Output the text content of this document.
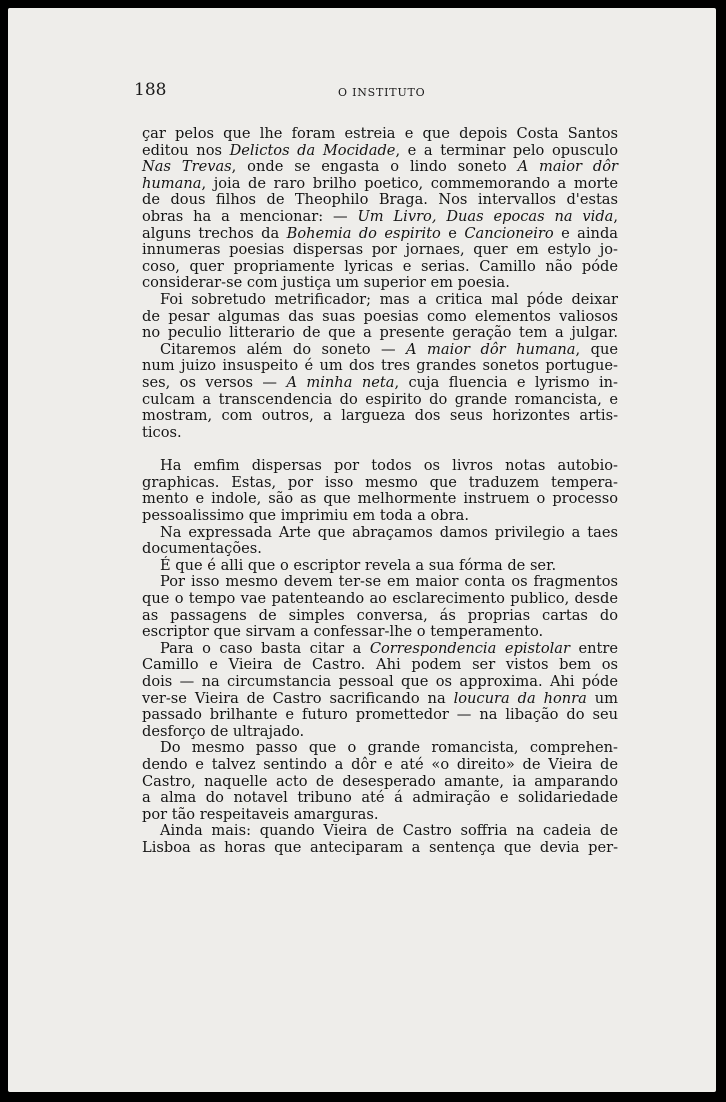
188	O INSTITUTO

çar pelos que lhe foram estreia e que depois Costa Santos
editou nos Delictos da Mocidade, e a terminar pelo opusculo
Nas Trevas, onde se engasta o lindo soneto A maior dôr
humana, joia de raro brilho poetico, commemorando a morte
de dous filhos de Theophilo Braga. Nos intervallos d'estas
obras ha a mencionar: — Um Livro, Duas epocas na vida,
alguns trechos da Bohemia do espirito e Cancioneiro e ainda
innumeras poesias dispersas por jornaes, quer em estylo jo-
coso, quer propriamente lyricas e serias. Camillo não póde
considerar-se com justiça um superior em poesia.

Foi sobretudo metrificador; mas a critica mal póde deixar
de pesar algumas das suas poesias como elementos valiosos
no peculio litterario de que a presente geração tem a julgar.

Citaremos além do soneto — A maior dôr humana, que
num juizo insuspeito é um dos tres grandes sonetos portugue-
ses, os versos — A minha neta, cuja fluencia e lyrismo in-
culcam a transcendencia do espirito do grande romancista, e
mostram, com outros, a largueza dos seus horizontes artis-
ticos.

Ha emfim dispersas por todos os livros notas autobio-
graphicas. Estas, por isso mesmo que traduzem tempera-
mento e indole, são as que melhormente instruem o processo
pessoalissimo que imprimiu em toda a obra.

Na expressada Arte que abraçamos damos privilegio a taes
documentações.

É que é alli que o escriptor revela a sua fórma de ser.

Por isso mesmo devem ter-se em maior conta os fragmentos
que o tempo vae patenteando ao esclarecimento publico, desde
as passagens de simples conversa, ás proprias cartas do
escriptor que sirvam a confessar-lhe o temperamento.

Para o caso basta citar a Correspondencia epistolar entre
Camillo e Vieira de Castro. Ahi podem ser vistos bem os
dois — na circumstancia pessoal que os approxima. Ahi póde
ver-se Vieira de Castro sacrificando na loucura da honra um
passado brilhante e futuro promettedor — na libação do seu
desforço de ultrajado.

Do mesmo passo que o grande romancista, comprehen-
dendo e talvez sentindo a dôr e até «o direito» de Vieira de
Castro, naquelle acto de desesperado amante, ia amparando
a alma do notavel tribuno até á admiração e solidariedade
por tão respeitaveis amarguras.

Ainda mais: quando Vieira de Castro soffria na cadeia de
Lisboa as horas que anteciparam a sentença que devia per-
